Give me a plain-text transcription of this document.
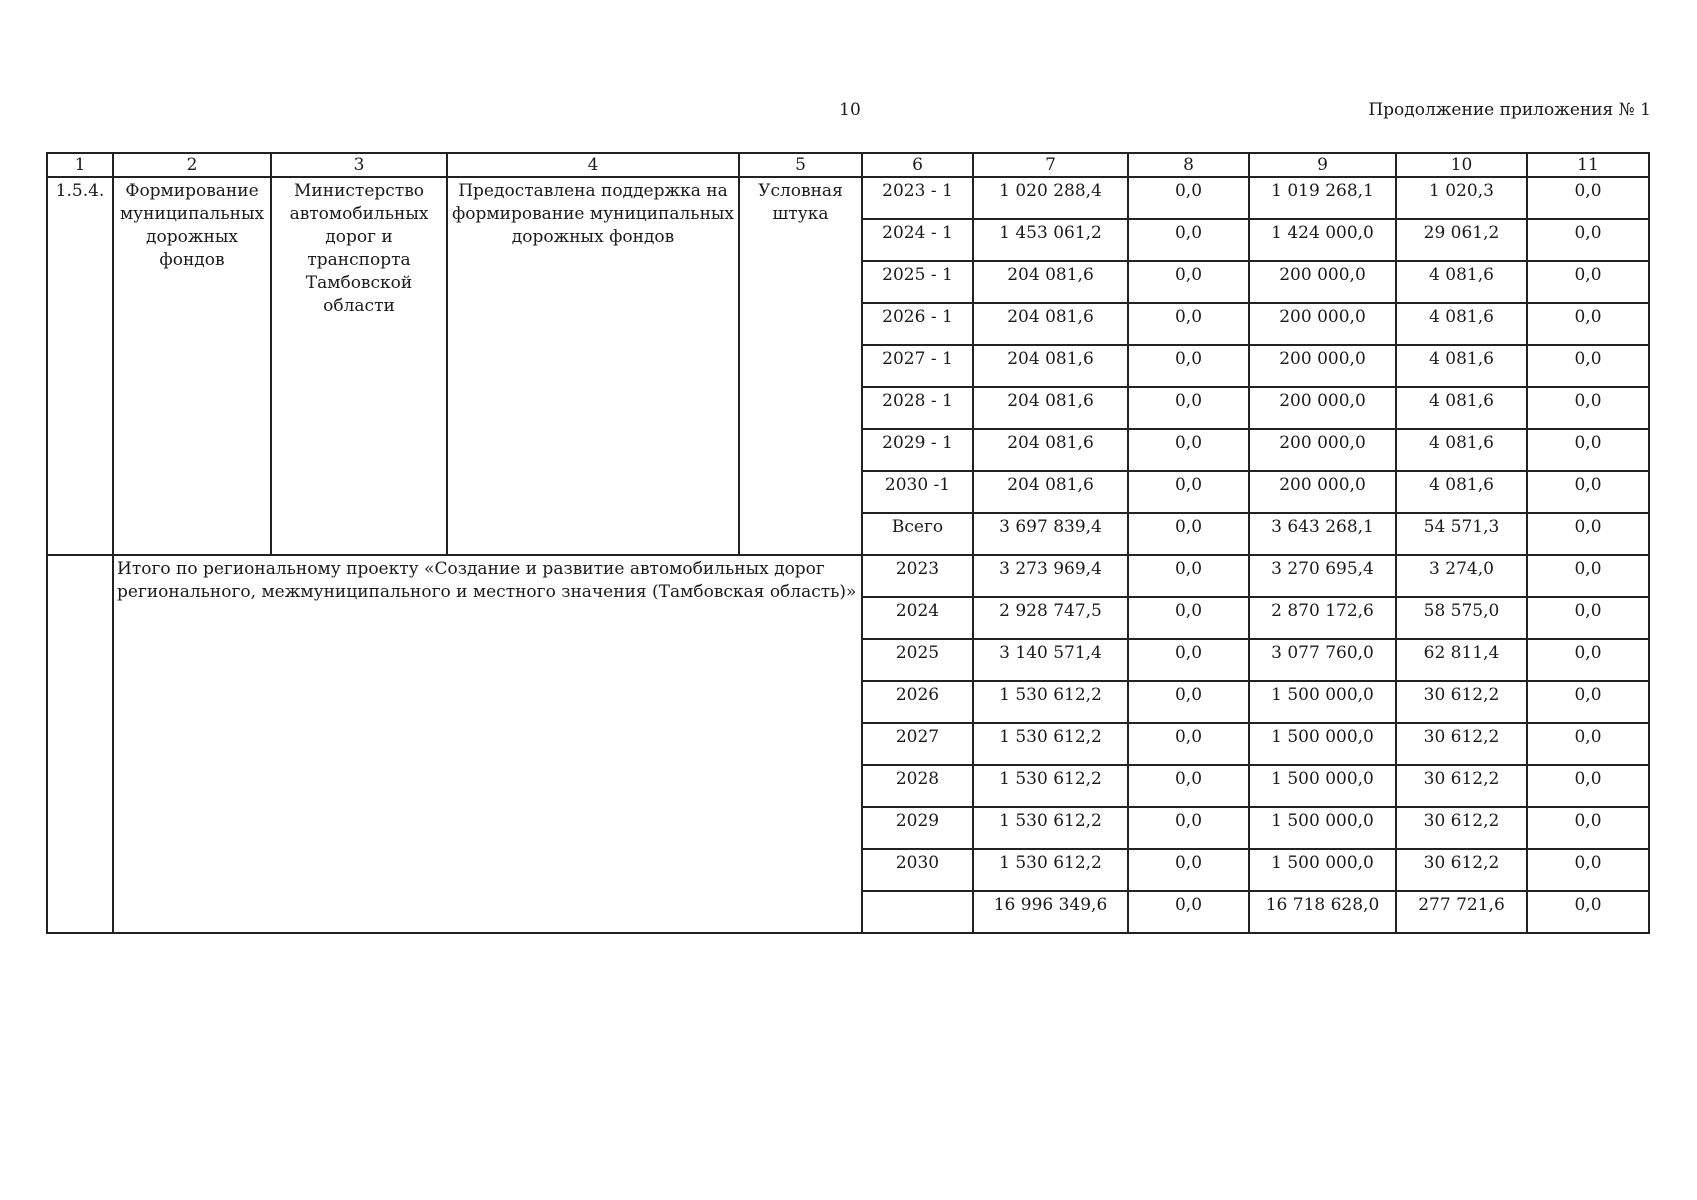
10	Продолжение приложения № 1
1	2	3	4	5	6	7	8	9	10	11
1.5.4.	Формирование муниципальных дорожных фондов	Министерство автомобильных дорог и транспорта Тамбовской области	Предоставлена поддержка на формирование муниципальных дорожных фондов	Условная штука	2023 - 1	1 020 288,4	0,0	1 019 268,1	1 020,3	0,0
					2024 - 1	1 453 061,2	0,0	1 424 000,0	29 061,2	0,0
					2025 - 1	204 081,6	0,0	200 000,0	4 081,6	0,0
					2026 - 1	204 081,6	0,0	200 000,0	4 081,6	0,0
					2027 - 1	204 081,6	0,0	200 000,0	4 081,6	0,0
					2028 - 1	204 081,6	0,0	200 000,0	4 081,6	0,0
					2029 - 1	204 081,6	0,0	200 000,0	4 081,6	0,0
					2030 -1	204 081,6	0,0	200 000,0	4 081,6	0,0
					Всего	3 697 839,4	0,0	3 643 268,1	54 571,3	0,0
	Итого по региональному проекту «Создание и развитие автомобильных дорог регионального, межмуниципального и местного значения (Тамбовская область)»				2023	3 273 969,4	0,0	3 270 695,4	3 274,0	0,0
					2024	2 928 747,5	0,0	2 870 172,6	58 575,0	0,0
					2025	3 140 571,4	0,0	3 077 760,0	62 811,4	0,0
					2026	1 530 612,2	0,0	1 500 000,0	30 612,2	0,0
					2027	1 530 612,2	0,0	1 500 000,0	30 612,2	0,0
					2028	1 530 612,2	0,0	1 500 000,0	30 612,2	0,0
					2029	1 530 612,2	0,0	1 500 000,0	30 612,2	0,0
					2030	1 530 612,2	0,0	1 500 000,0	30 612,2	0,0
						16 996 349,6	0,0	16 718 628,0	277 721,6	0,0
